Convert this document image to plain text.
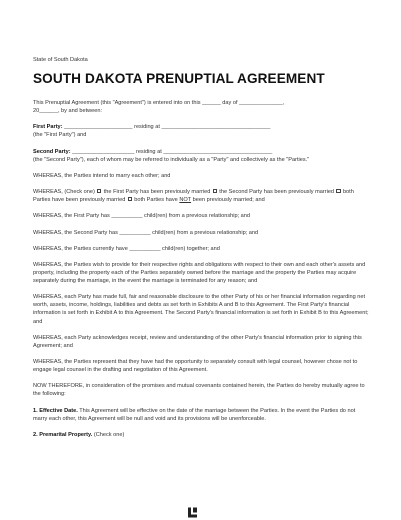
State of South Dakota
SOUTH DAKOTA PRENUPTIAL AGREEMENT

This Prenuptial Agreement (this "Agreement") is entered into on this ______ day of ______________,
20______, by and between:

First Party: ______________________ residing at ___________________________________
(the "First Party") and

Second Party: ____________________ residing at ___________________________________
(the "Second Party"), each of whom may be referred to individually as a "Party" and collectively as the "Parties."

WHEREAS, the Parties intend to marry each other; and

WHEREAS, (Check one)  the First Party has been previously married  the Second Party has been previously married  both Parties have been previously married  both Parties have NOT been previously married; and

WHEREAS, the First Party has __________ child(ren) from a previous relationship; and

WHEREAS, the Second Party has __________ child(ren) from a previous relationship; and

WHEREAS, the Parties currently have __________ child(ren) together; and

WHEREAS, the Parties wish to provide for their respective rights and obligations with respect to their own and each other's assets and property, including the property each of the Parties separately owned before the marriage and the property the Parties may acquire separately during the marriage, in the event the marriage is terminated for any reason; and

WHEREAS, each Party has made full, fair and reasonable disclosure to the other Party of his or her financial information regarding net worth, assets, income, holdings, liabilities and debts as set forth in Exhibits A and B to this Agreement. The First Party's financial information is set forth in Exhibit A to this Agreement. The Second Party's financial information is set forth in Exhibit B to this Agreement; and

WHEREAS, each Party acknowledges receipt, review and understanding of the other Party's financial information prior to signing this Agreement; and

WHEREAS, the Parties represent that they have had the opportunity to separately consult with legal counsel, however chose not to engage legal counsel in the drafting and negotiation of this Agreement.

NOW THEREFORE, in consideration of the promises and mutual covenants contained herein, the Parties do hereby mutually agree to the following:

1. Effective Date. This Agreement will be effective on the date of the marriage between the Parties. In the event the Parties do not marry each other, this Agreement will be null and void and its provisions will be unenforceable.

2. Premarital Property. (Check one)
